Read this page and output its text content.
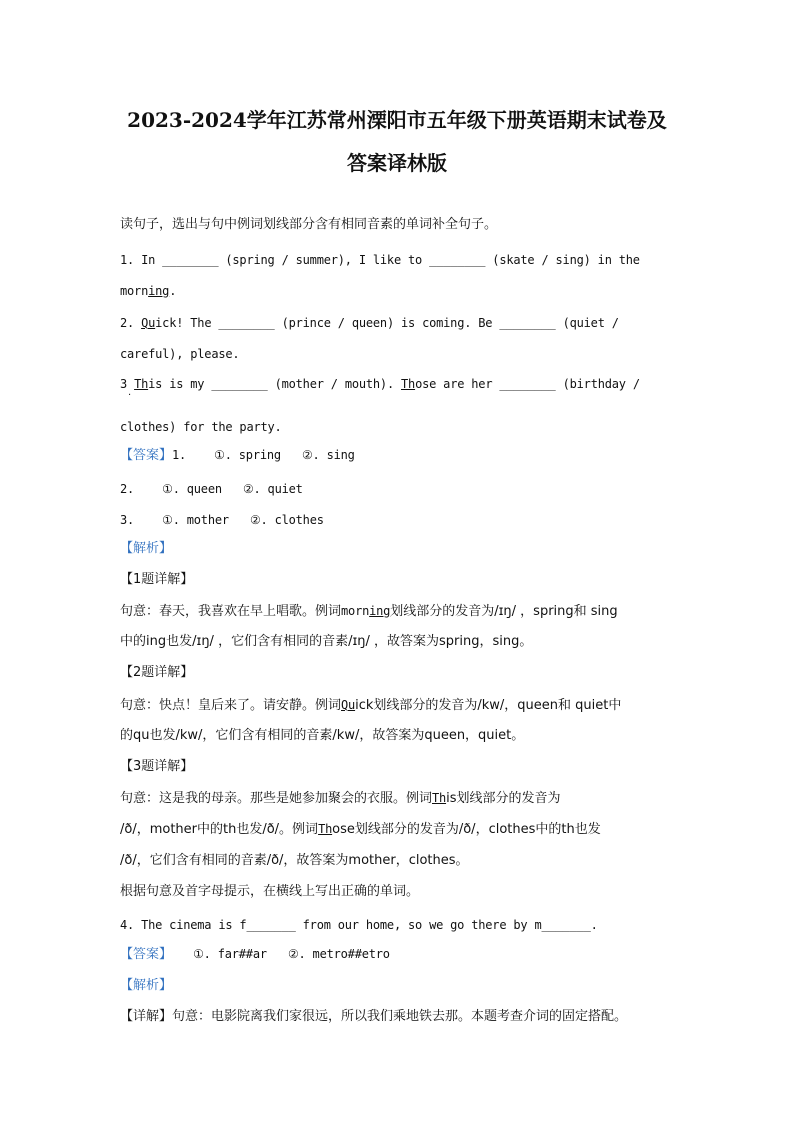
2023-2024学年江苏常州溧阳市五年级下册英语期末试卷及
答案译林版
读句子，选出与句中例词划线部分含有相同音素的单词补全句子。
1. In ________ (spring / summer), I like to ________ (skate / sing) in the
morning.
2. Quick! The ________ (prince / queen) is coming. Be ________ (quiet /
careful), please.
3 This is my ________ (mother / mouth). Those are her ________ (birthday /
·
clothes) for the party.
【答案】1.    ①. spring   ②. sing
2.    ①. queen   ②. quiet
3.    ①. mother   ②. clothes
【解析】
【1题详解】
句意：春天，我喜欢在早上唱歌。例词morning划线部分的发音为/ɪŋ/ ，spring和 sing
中的ing也发/ɪŋ/ ，它们含有相同的音素/ɪŋ/ ，故答案为spring，sing。
【2题详解】
句意：快点！皇后来了。请安静。例词Quick划线部分的发音为/kw/，queen和 quiet中
的qu也发/kw/，它们含有相同的音素/kw/，故答案为queen，quiet。
【3题详解】
句意：这是我的母亲。那些是她参加聚会的衣服。例词This划线部分的发音为
/ð/，mother中的th也发/ð/。例词Those划线部分的发音为/ð/，clothes中的th也发
/ð/，它们含有相同的音素/ð/，故答案为mother，clothes。
根据句意及首字母提示，在横线上写出正确的单词。
4. The cinema is f_______ from our home, so we go there by m_______.
【答案】   ①. far##ar   ②. metro##etro
【解析】
【详解】句意：电影院离我们家很远，所以我们乘地铁去那。本题考查介词的固定搭配。
